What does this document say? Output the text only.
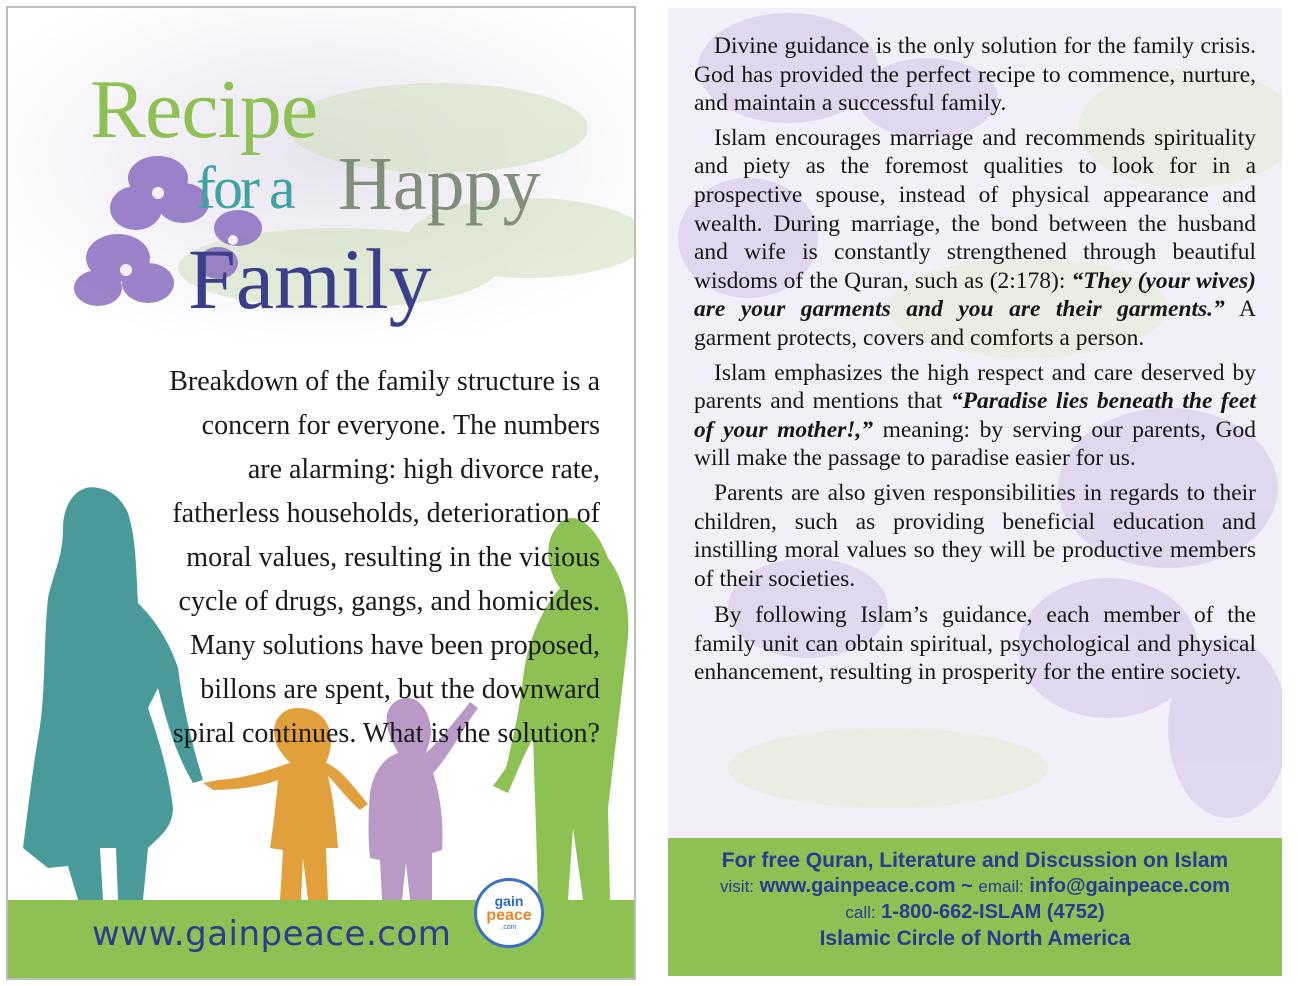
Recipe
for a Happy
Family
Breakdown of the family structure is a
concern for everyone. The numbers
are alarming: high divorce rate,
fatherless households, deterioration of
moral values, resulting in the vicious
cycle of drugs, gangs, and homicides.
Many solutions have been proposed,
billons are spent, but the downward
spiral continues. What is the solution?
www.gainpeace.com
gain
peace
.com

Divine guidance is the only solution for the family crisis. God has provided the perfect recipe to commence, nurture, and maintain a successful family.

Islam encourages marriage and recommends spirituality and piety as the foremost qualities to look for in a prospective spouse, instead of physical appearance and wealth. During marriage, the bond between the husband and wife is constantly strengthened through beautiful wisdoms of the Quran, such as (2:178): “They (your wives) are your garments and you are their garments.” A garment protects, covers and comforts a person.

Islam emphasizes the high respect and care deserved by parents and mentions that “Paradise lies beneath the feet of your mother!,” meaning: by serving our parents, God will make the passage to paradise easier for us.

Parents are also given responsibilities in regards to their children, such as providing beneficial education and instilling moral values so they will be productive members of their societies.

By following Islam’s guidance, each member of the family unit can obtain spiritual, psychological and physical enhancement, resulting in prosperity for the entire society.

For free Quran, Literature and Discussion on Islam
visit: www.gainpeace.com ~ email: info@gainpeace.com
call: 1-800-662-ISLAM (4752)
Islamic Circle of North America
